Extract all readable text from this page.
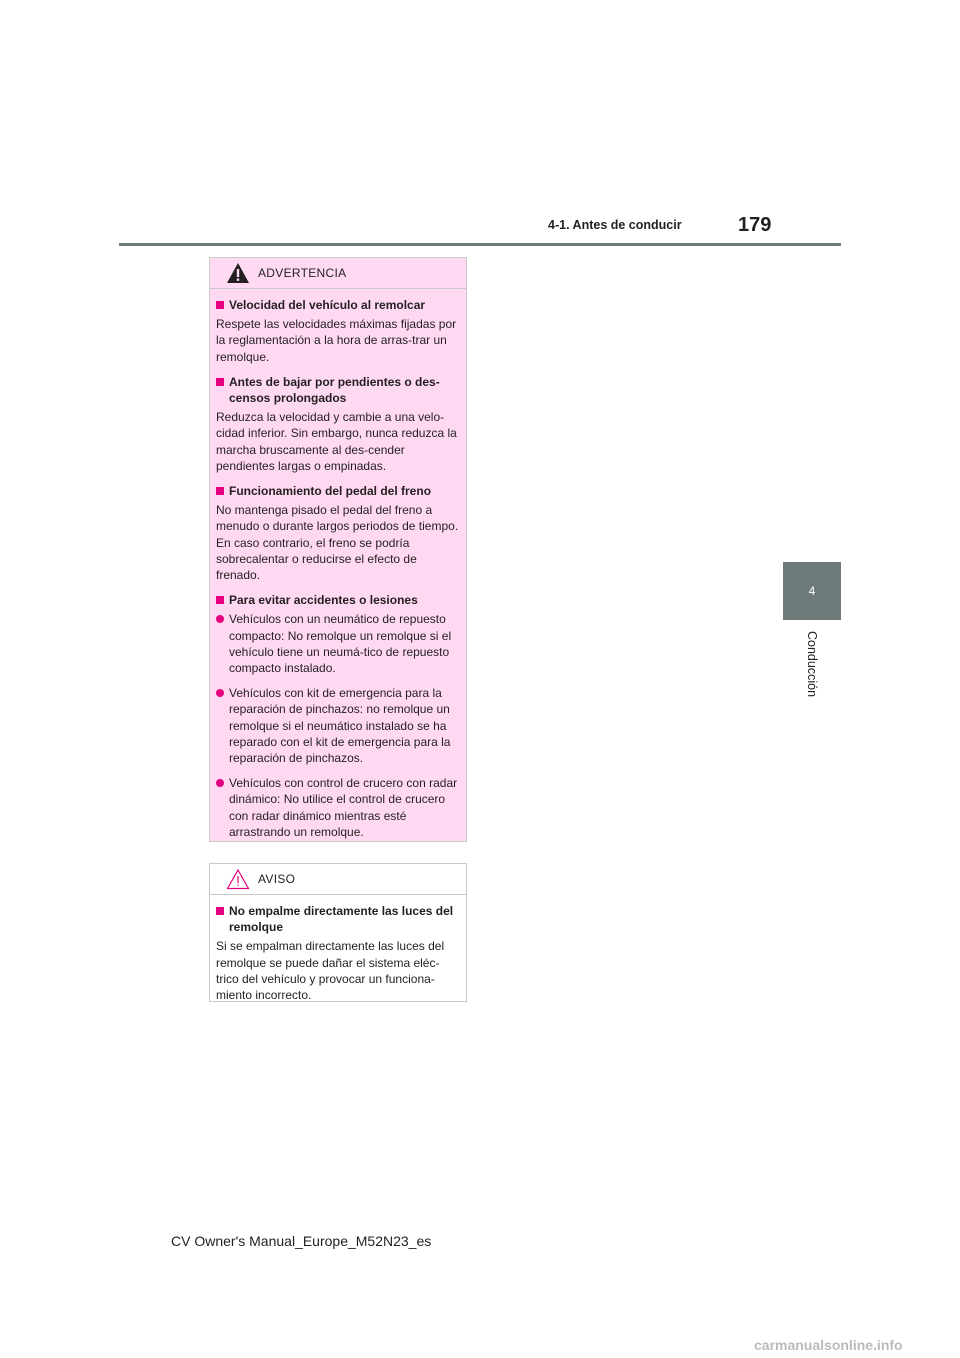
4-1. Antes de conducir	179
4
Conducción
ADVERTENCIA
Velocidad del vehículo al remolcar
Respete las velocidades máximas fijadas por la reglamentación a la hora de arras-trar un remolque.
Antes de bajar por pendientes o des-censos prolongados
Reduzca la velocidad y cambie a una velo-cidad inferior. Sin embargo, nunca reduzca la marcha bruscamente al des-cender pendientes largas o empinadas.
Funcionamiento del pedal del freno
No mantenga pisado el pedal del freno a menudo o durante largos periodos de tiempo. En caso contrario, el freno se podría sobrecalentar o reducirse el efecto de frenado.
Para evitar accidentes o lesiones
Vehículos con un neumático de repuesto compacto: No remolque un remolque si el vehículo tiene un neumá-tico de repuesto compacto instalado.
Vehículos con kit de emergencia para la reparación de pinchazos: no remolque un remolque si el neumático instalado se ha reparado con el kit de emergencia para la reparación de pinchazos.
Vehículos con control de crucero con radar dinámico: No utilice el control de crucero con radar dinámico mientras esté arrastrando un remolque.
AVISO
No empalme directamente las luces del remolque
Si se empalman directamente las luces del remolque se puede dañar el sistema eléc-trico del vehículo y provocar un funciona-miento incorrecto.
CV Owner's Manual_Europe_M52N23_es
carmanualsonline.info
